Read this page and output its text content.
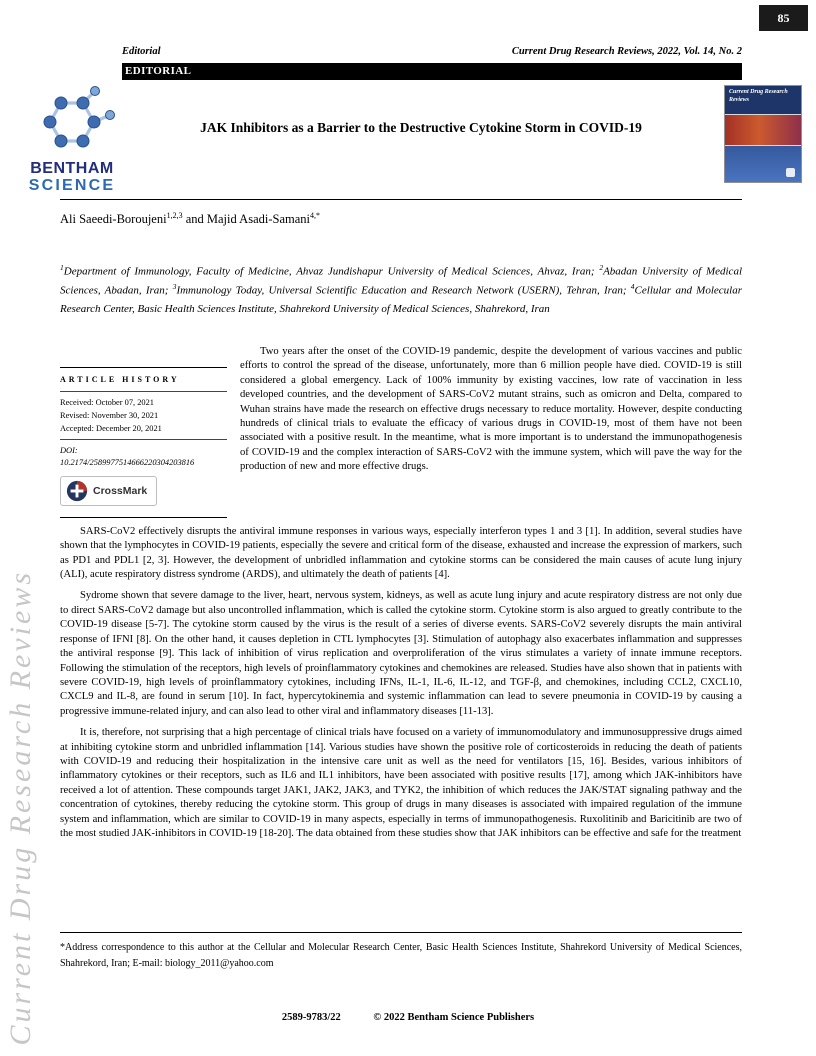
85
Editorial	Current Drug Research Reviews, 2022, Vol. 14, No. 2
EDITORIAL
BENTHAM
SCIENCE
JAK Inhibitors as a Barrier to the Destructive Cytokine Storm in COVID-19
Current Drug Research Reviews
Ali Saeedi-Boroujeni$^{1,2,3}$ and Majid Asadi-Samani$^{4,*}$
$^1$Department of Immunology, Faculty of Medicine, Ahvaz Jundishapur University of Medical Sciences, Ahvaz, Iran; $^2$Abadan University of Medical Sciences, Abadan, Iran; $^3$Immunology Today, Universal Scientific Education and Research Network (USERN), Tehran, Iran; $^4$Cellular and Molecular Research Center, Basic Health Sciences Institute, Shahrekord University of Medical Sciences, Shahrekord, Iran
ARTICLE HISTORY
Received: October 07, 2021
Revised: November 30, 2021
Accepted: December 20, 2021
DOI:
10.2174/2589977514666220304203816
CrossMark

Two years after the onset of the COVID-19 pandemic, despite the development of various vaccines and public efforts to control the spread of the disease, unfortunately, more than 6 million people have died. COVID-19 is still considered a global emergency. Lack of 100% immunity by existing vaccines, low rate of vaccination in less developed countries, and the development of SARS-CoV2 mutant strains, such as omicron and Delta, compared to Wuhan strains have made the research on effective drugs necessary to reduce mortality. However, despite conducting hundreds of clinical trials to evaluate the efficacy of various drugs in COVID-19, most of them have not been associated with a positive result. In the meantime, what is more important is to understand the immunopathogenesis of COVID-19 and the complex interaction of SARS-CoV2 with the immune system, which will pave the way for the production of new and more effective drugs.

SARS-CoV2 effectively disrupts the antiviral immune responses in various ways, especially interferon types 1 and 3 [1]. In addition, several studies have shown that the lymphocytes in COVID-19 patients, especially the severe and critical form of the disease, exhausted and increase the expression of markers, such as PD1 and PDL1 [2, 3]. However, the development of unbridled inflammation and cytokine storms can be considered the main causes of acute lung injury (ALI), acute respiratory distress syndrome (ARDS), and ultimately the death of patients [4].

Sydrome shown that severe damage to the liver, heart, nervous system, kidneys, as well as acute lung injury and acute respiratory distress are not only due to direct SARS-CoV2 damage but also uncontrolled inflammation, which is called the cytokine storm. Cytokine storm is also argued to greatly contribute to the COVID-19 disease [5-7]. The cytokine storm caused by the virus is the result of a series of diverse events. SARS-CoV2 severely disrupts the main antiviral response of IFNI [8]. On the other hand, it causes depletion in CTL lymphocytes [3]. Stimulation of autophagy also exacerbates inflammation and suppresses the antiviral response [9]. This lack of inhibition of virus replication and overproliferation of the virus stimulates a variety of innate immune receptors. Following the stimulation of the receptors, high levels of proinflammatory cytokines and chemokines are released. Studies have also shown that in patients with severe COVID-19, high levels of proinflammatory cytokines, including IFNs, IL-1, IL-6, IL-12, and TGF-β, and chemokines, including CCL2, CXCL10, CXCL9 and IL-8, are found in serum [10]. In fact, hypercytokinemia and systemic inflammation can lead to severe pneumonia in COVID-19 by causing a progressive immune-related injury, and can also lead to other viral and inflammatory diseases [11-13].

It is, therefore, not surprising that a high percentage of clinical trials have focused on a variety of immunomodulatory and immunosuppressive drugs aimed at inhibiting cytokine storm and unbridled inflammation [14]. Various studies have shown the positive role of corticosteroids in reducing the death of patients with COVID-19 and reducing their hospitalization in the intensive care unit as well as the need for ventilators [15, 16]. Besides, various inhibitors of inflammatory cytokines or their receptors, such as IL6 and IL1 inhibitors, have been associated with positive results [17], among which JAK-inhibitors have received a lot of attention. These compounds target JAK1, JAK2, JAK3, and TYK2, the inhibition of which reduces the JAK/STAT signaling pathway and the concentration of cytokines, thereby reducing the cytokine storm. This group of drugs in many diseases is associated with impaired regulation of the immune system and inflammation, which are similar to COVID-19 in many aspects, especially in terms of immunopathogenesis. Ruxolitinib and Baricitinib are two of the most studied JAK-inhibitors in COVID-19 [18-20]. The data obtained from these studies show that JAK inhibitors can be effective and safe for the treatment

*Address correspondence to this author at the Cellular and Molecular Research Center, Basic Health Sciences Institute, Shahrekord University of Medical Sciences, Shahrekord, Iran; E-mail: biology_2011@yahoo.com
2589-9783/22	© 2022 Bentham Science Publishers
Current Drug Research Reviews
